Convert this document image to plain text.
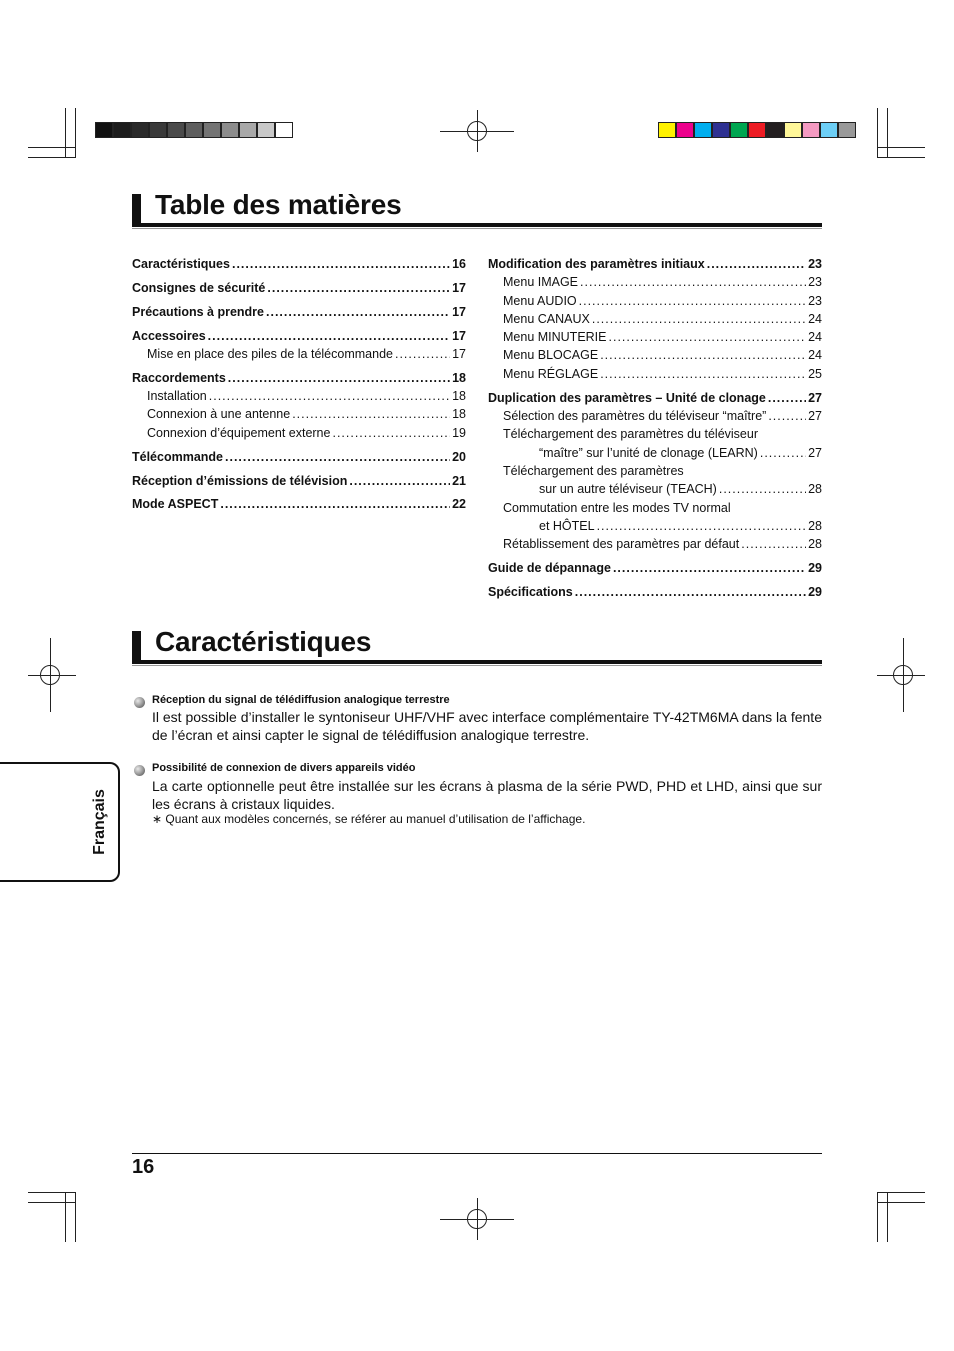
Table des matières
Caractéristiques .....	16
Consignes de sécurité .....	17
Précautions à prendre .....	17
Accessoires .....	17
Mise en place des piles de la télécommande .....	17
Raccordements .....	18
Installation .....	18
Connexion à une antenne .....	18
Connexion d’équipement externe .....	19
Télécommande .....	20
Réception d’émissions de télévision .....	21
Mode ASPECT .....	22
Modification des paramètres initiaux .....	23
Menu IMAGE .....	23
Menu AUDIO .....	23
Menu CANAUX .....	24
Menu MINUTERIE .....	24
Menu BLOCAGE .....	24
Menu RÉGLAGE .....	25
Duplication des paramètres – Unité de clonage .....	27
Sélection des paramètres du téléviseur “maître” .....	27
Téléchargement des paramètres du téléviseur
“maître” sur l’unité de clonage (LEARN) .....	27
Téléchargement des paramètres
sur un autre téléviseur (TEACH) .....	28
Commutation entre les modes TV normal
et HÔTEL .....	28
Rétablissement des paramètres par défaut .....	28
Guide de dépannage .....	29
Spécifications .....	29
Caractéristiques
Réception du signal de télédiffusion analogique terrestre
Il est possible d’installer le syntoniseur UHF/VHF avec interface complémentaire TY-42TM6MA dans la fente de l’écran et ainsi capter le signal de télédiffusion analogique terrestre.
Possibilité de connexion de divers appareils vidéo
La carte optionnelle peut être installée sur les écrans à plasma de la série PWD, PHD et LHD, ainsi que sur les écrans à cristaux liquides.
∗ Quant aux modèles concernés, se référer au manuel d’utilisation de l’affichage.
Français
16
